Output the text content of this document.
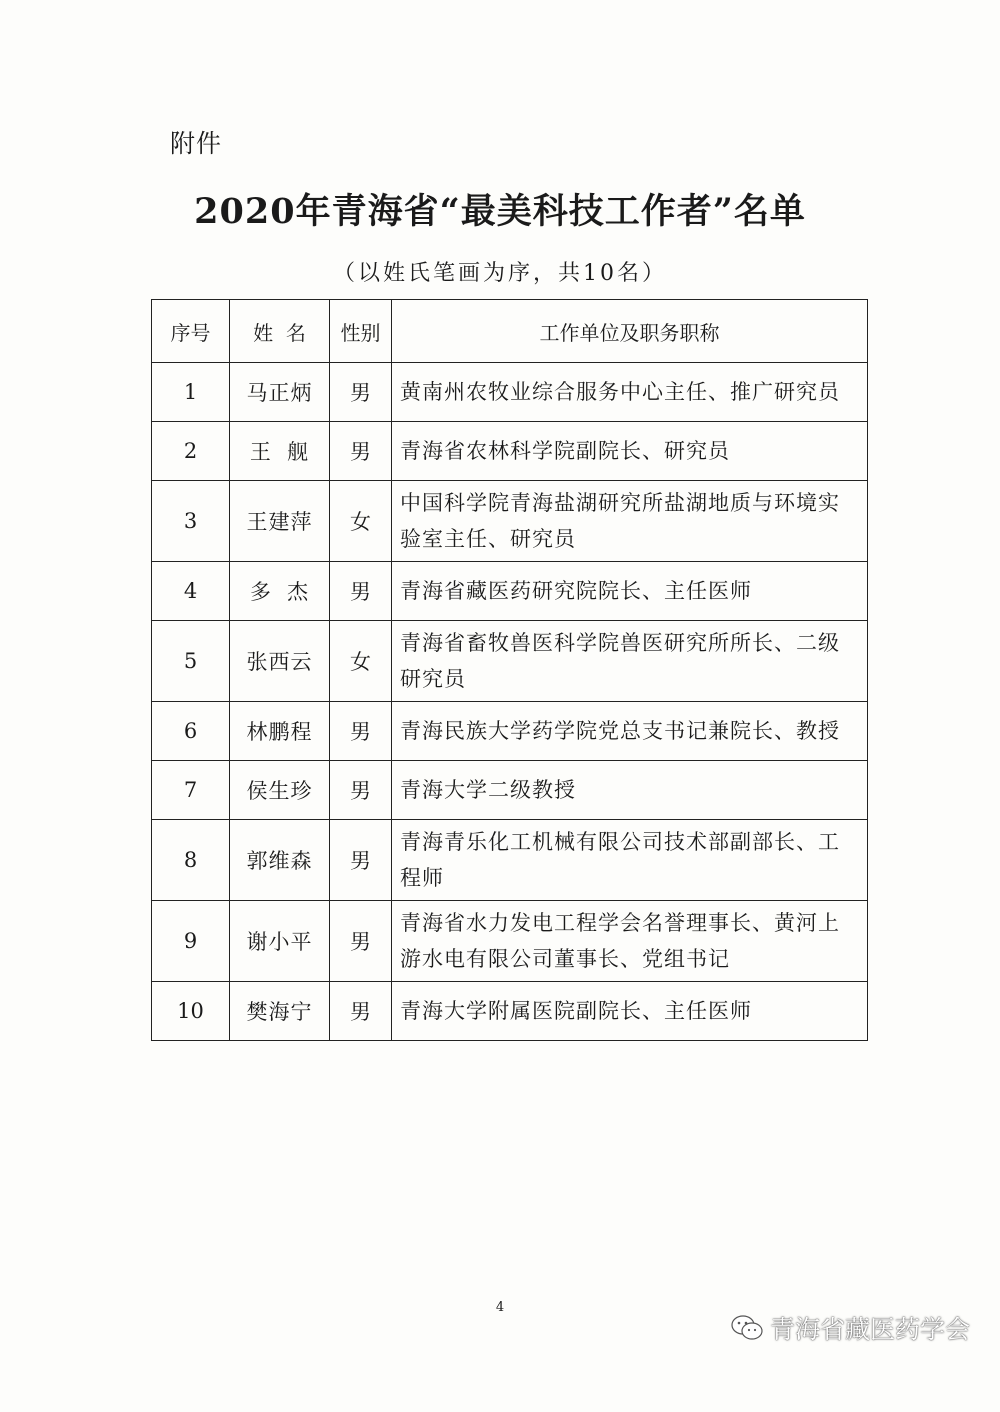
附件
2020年青海省“最美科技工作者”名单
（以姓氏笔画为序，共10名）
序号	姓  名	性别	工作单位及职务职称
1	马正炳	男	黄南州农牧业综合服务中心主任、推广研究员
2	王  舰	男	青海省农林科学院副院长、研究员
3	王建萍	女	中国科学院青海盐湖研究所盐湖地质与环境实验室主任、研究员
4	多  杰	男	青海省藏医药研究院院长、主任医师
5	张西云	女	青海省畜牧兽医科学院兽医研究所所长、二级研究员
6	林鹏程	男	青海民族大学药学院党总支书记兼院长、教授
7	侯生珍	男	青海大学二级教授
8	郭维森	男	青海青乐化工机械有限公司技术部副部长、工程师
9	谢小平	男	青海省水力发电工程学会名誉理事长、黄河上游水电有限公司董事长、党组书记
10	樊海宁	男	青海大学附属医院副院长、主任医师
4
青海省藏医药学会
